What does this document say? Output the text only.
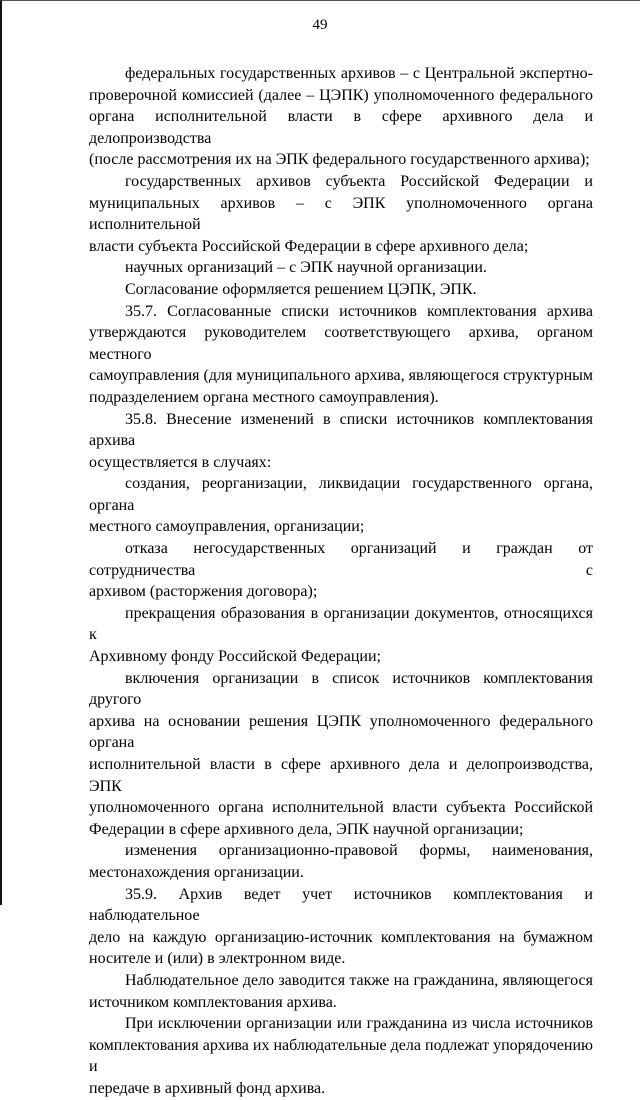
49
федеральных государственных архивов – с Центральной экспертно-
проверочной комиссией (далее – ЦЭПК) уполномоченного федерального
органа исполнительной власти в сфере архивного дела и делопроизводства
(после рассмотрения их на ЭПК федерального государственного архива);
государственных архивов субъекта Российской Федерации и
муниципальных архивов – с ЭПК уполномоченного органа исполнительной
власти субъекта Российской Федерации в сфере архивного дела;
научных организаций – с ЭПК научной организации.
Согласование оформляется решением ЦЭПК, ЭПК.
35.7. Согласованные списки источников комплектования архива
утверждаются руководителем соответствующего архива, органом местного
самоуправления (для муниципального архива, являющегося структурным
подразделением органа местного самоуправления).
35.8. Внесение изменений в списки источников комплектования архива
осуществляется в случаях:
создания, реорганизации, ликвидации государственного органа, органа
местного самоуправления, организации;
отказа негосударственных организаций и граждан от сотрудничества с
архивом (расторжения договора);
прекращения образования в организации документов, относящихся к
Архивному фонду Российской Федерации;
включения организации в список источников комплектования другого
архива на основании решения ЦЭПК уполномоченного федерального органа
исполнительной власти в сфере архивного дела и делопроизводства, ЭПК
уполномоченного органа исполнительной власти субъекта Российской
Федерации в сфере архивного дела, ЭПК научной организации;
изменения организационно-правовой формы, наименования,
местонахождения организации.
35.9. Архив ведет учет источников комплектования и наблюдательное
дело на каждую организацию-источник комплектования на бумажном
носителе и (или) в электронном виде.
Наблюдательное дело заводится также на гражданина, являющегося
источником комплектования архива.
При исключении организации или гражданина из числа источников
комплектования архива их наблюдательные дела подлежат упорядочению и
передаче в архивный фонд архива.
